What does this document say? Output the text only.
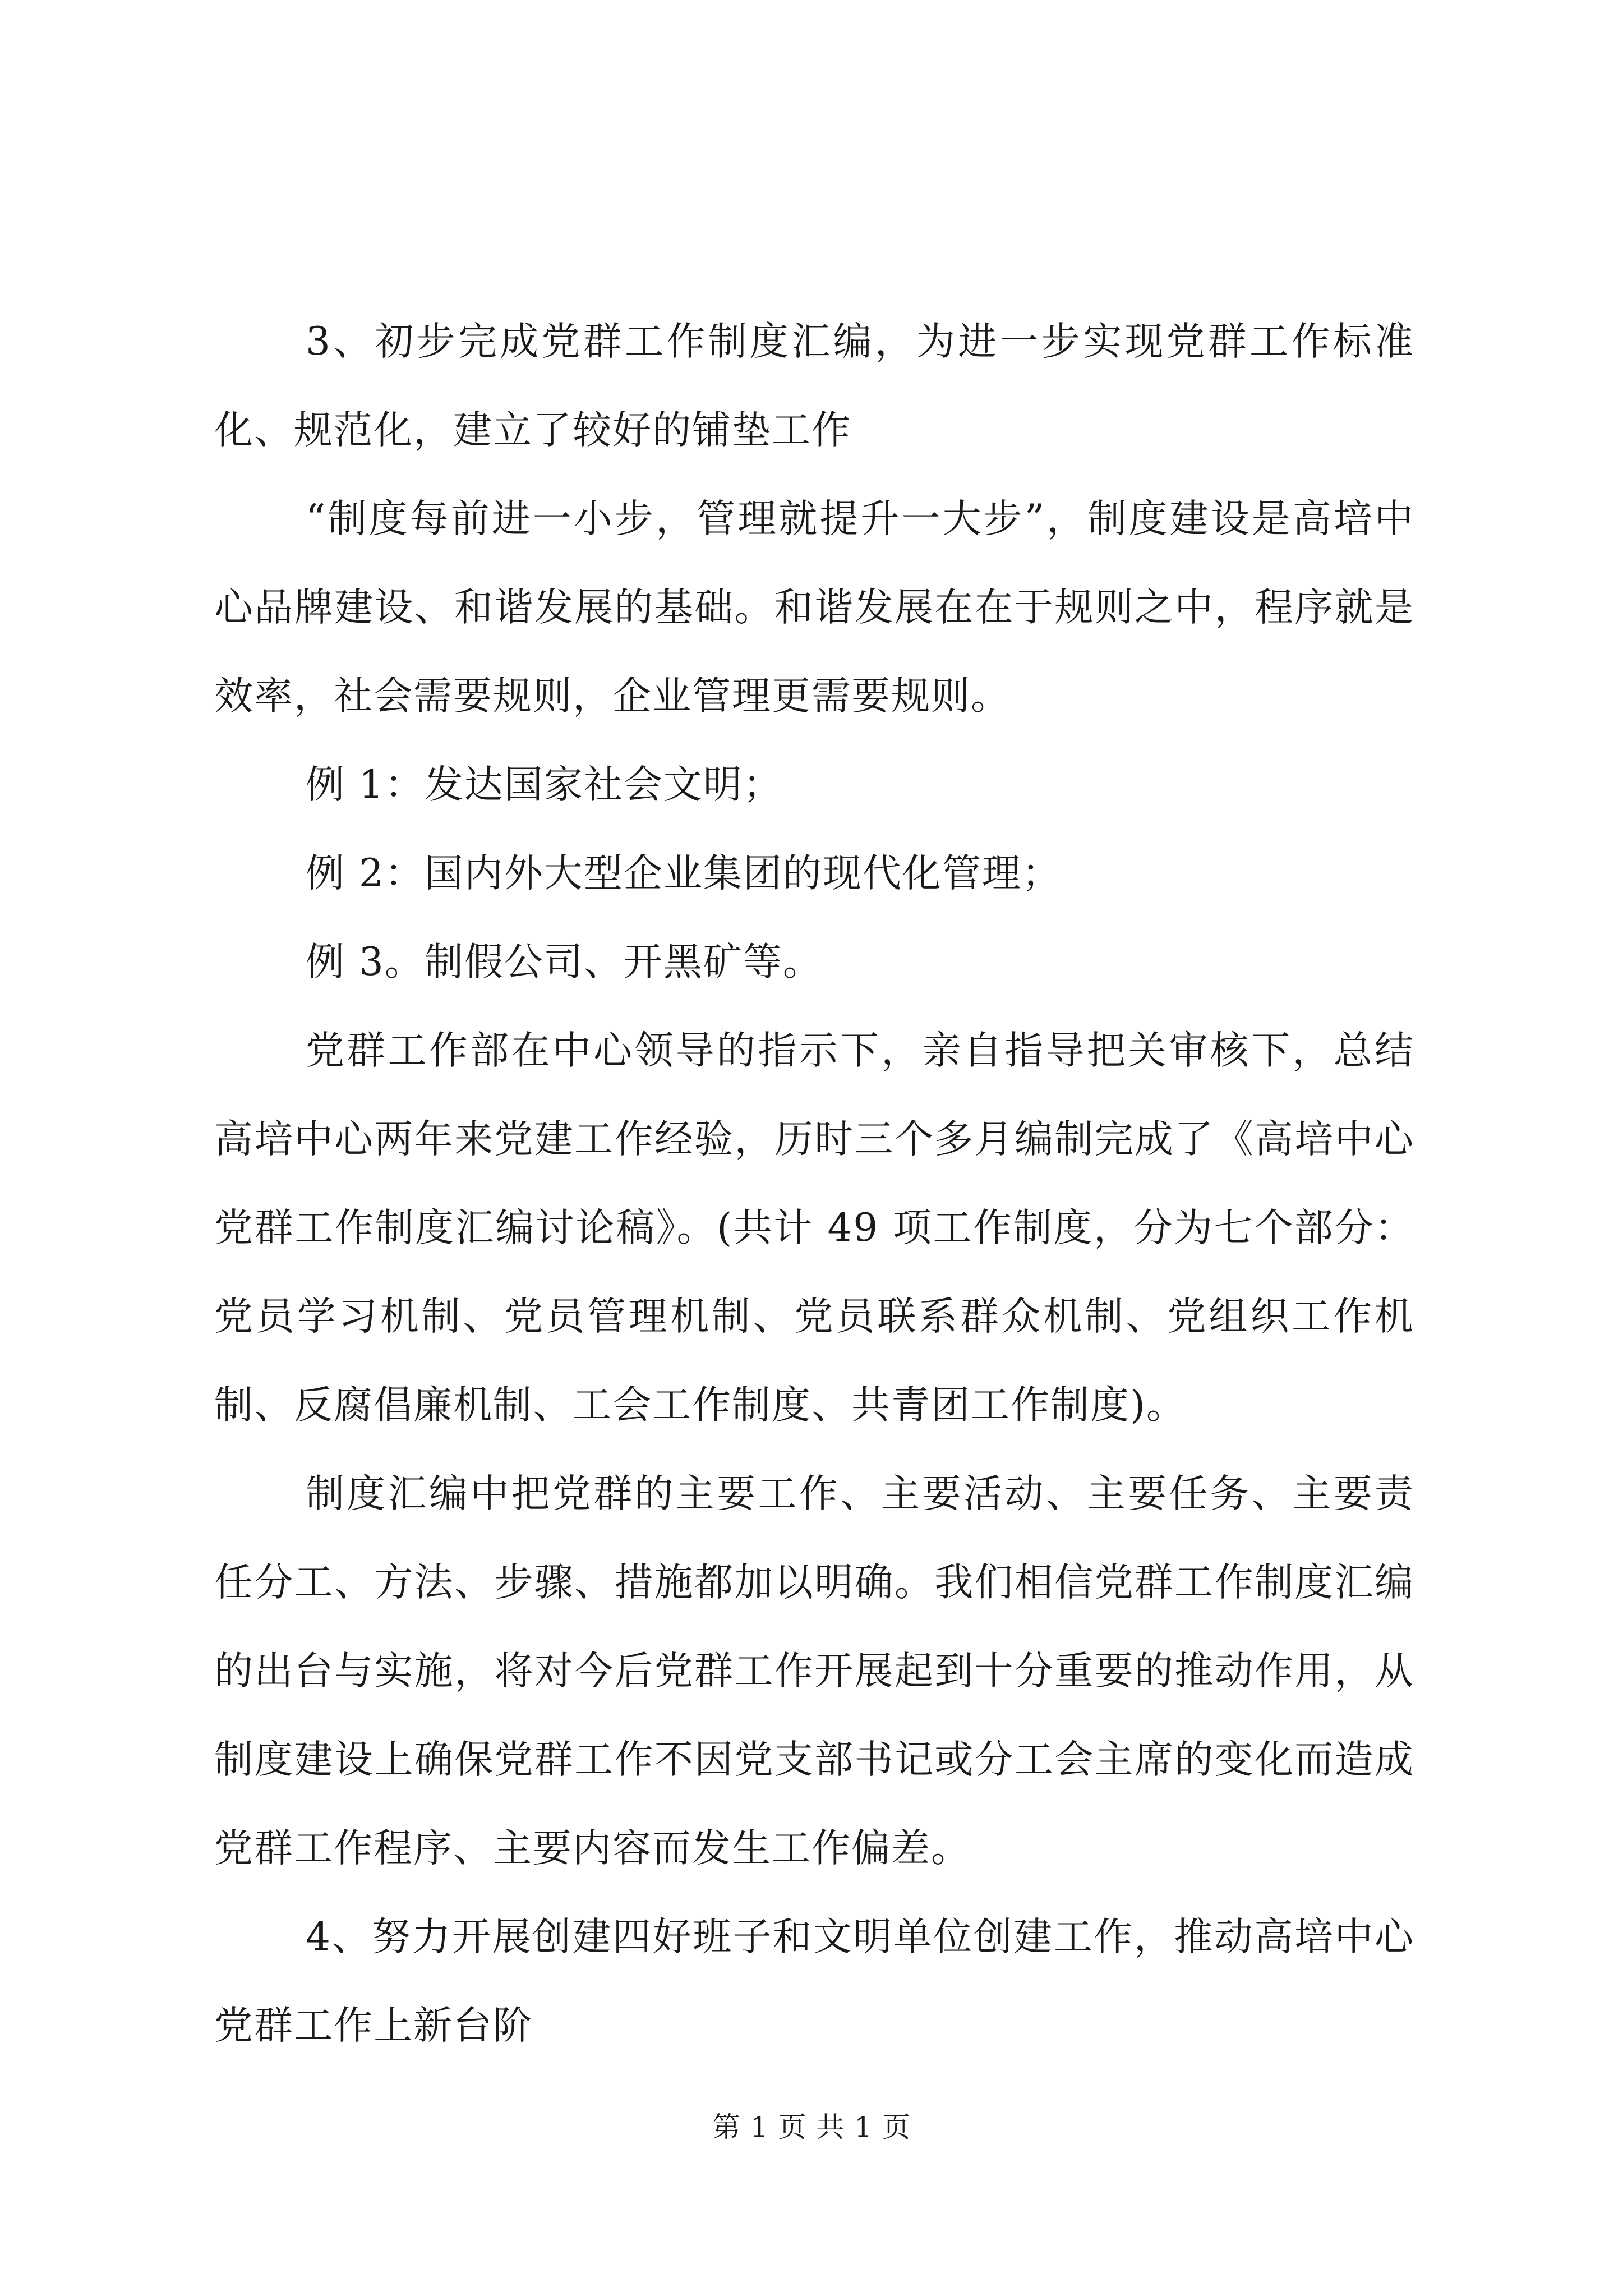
3、初步完成党群工作制度汇编，为进一步实现党群工作标准化、规范化，建立了较好的铺垫工作

“制度每前进一小步，管理就提升一大步”，制度建设是高培中心品牌建设、和谐发展的基础。和谐发展在在于规则之中，程序就是效率，社会需要规则，企业管理更需要规则。

例 1：发达国家社会文明；

例 2：国内外大型企业集团的现代化管理；

例 3。制假公司、开黑矿等。

党群工作部在中心领导的指示下，亲自指导把关审核下，总结高培中心两年来党建工作经验，历时三个多月编制完成了《高培中心党群工作制度汇编讨论稿》。(共计 49 项工作制度，分为七个部分：党员学习机制、党员管理机制、党员联系群众机制、党组织工作机制、反腐倡廉机制、工会工作制度、共青团工作制度)。

制度汇编中把党群的主要工作、主要活动、主要任务、主要责任分工、方法、步骤、措施都加以明确。我们相信党群工作制度汇编的出台与实施，将对今后党群工作开展起到十分重要的推动作用，从制度建设上确保党群工作不因党支部书记或分工会主席的变化而造成党群工作程序、主要内容而发生工作偏差。

4、努力开展创建四好班子和文明单位创建工作，推动高培中心党群工作上新台阶

第 1 页 共 1 页
